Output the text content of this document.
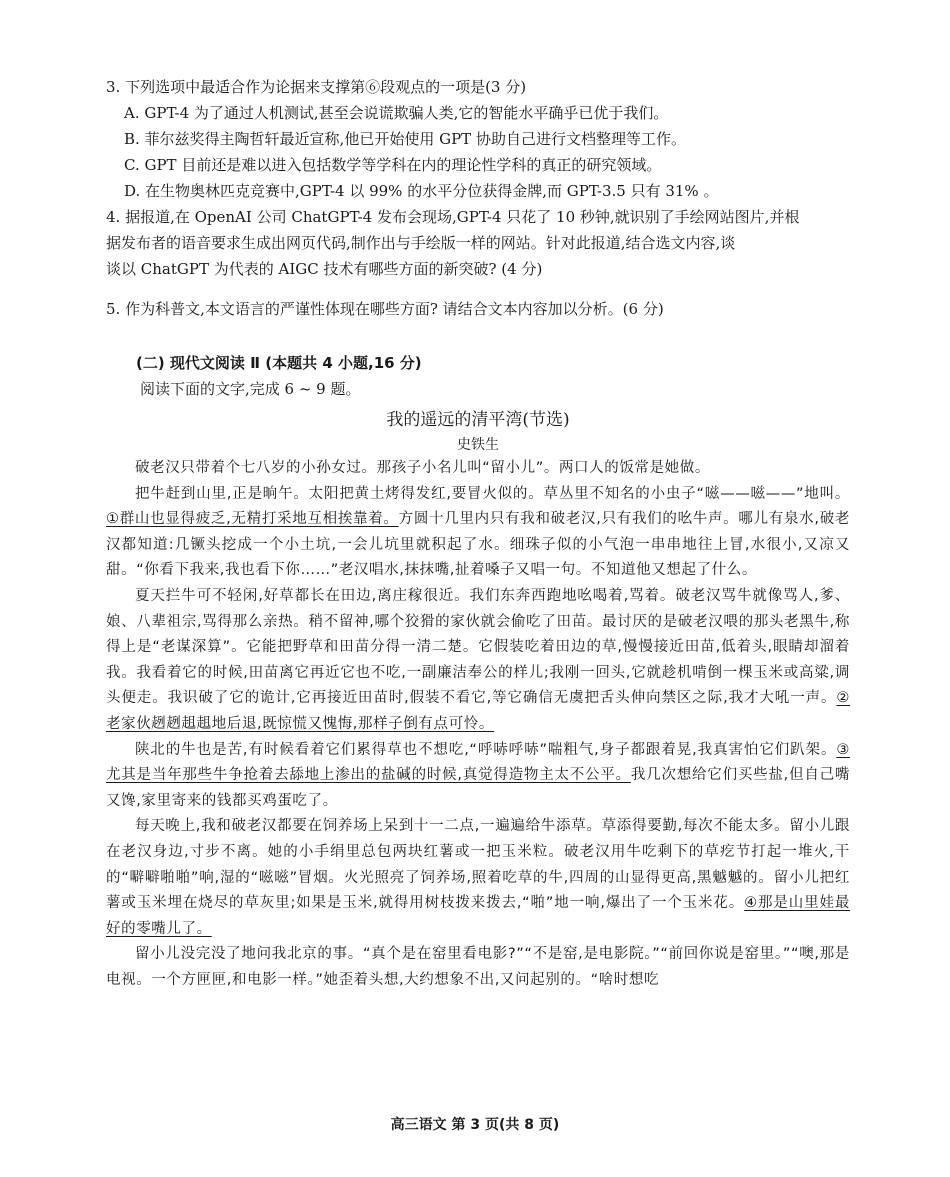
3. 下列选项中最适合作为论据来支撑第⑥段观点的一项是(3 分)
A. GPT-4 为了通过人机测试,甚至会说谎欺骗人类,它的智能水平确乎已优于我们。
B. 菲尔兹奖得主陶哲轩最近宣称,他已开始使用 GPT 协助自己进行文档整理等工作。
C. GPT 目前还是难以进入包括数学等学科在内的理论性学科的真正的研究领域。
D. 在生物奥林匹克竞赛中,GPT-4 以 99% 的水平分位获得金牌,而 GPT-3.5 只有 31% 。
4. 据报道,在 OpenAI 公司 ChatGPT-4 发布会现场,GPT-4 只花了 10 秒钟,就识别了手绘网站图片,并根
据发布者的语音要求生成出网页代码,制作出与手绘版一样的网站。针对此报道,结合选文内容,谈
谈以 ChatGPT 为代表的 AIGC 技术有哪些方面的新突破? (4 分)
5. 作为科普文,本文语言的严谨性体现在哪些方面? 请结合文本内容加以分析。(6 分)
(二) 现代文阅读 Ⅱ (本题共 4 小题,16 分)
阅读下面的文字,完成 6 ~ 9 题。
我的遥远的清平湾(节选)
史铁生

破老汉只带着个七八岁的小孙女过。那孩子小名儿叫“留小儿”。两口人的饭常是她做。

把牛赶到山里,正是晌午。太阳把黄土烤得发红,要冒火似的。草丛里不知名的小虫子“嗞——嗞——”地叫。①群山也显得疲乏,无精打采地互相挨靠着。方圆十几里内只有我和破老汉,只有我们的吆牛声。哪儿有泉水,破老汉都知道:几镢头挖成一个小土坑,一会儿坑里就积起了水。细珠子似的小气泡一串串地往上冒,水很小,又凉又甜。“你看下我来,我也看下你……”老汉唱水,抹抹嘴,扯着嗓子又唱一句。不知道他又想起了什么。

夏天拦牛可不轻闲,好草都长在田边,离庄稼很近。我们东奔西跑地吆喝着,骂着。破老汉骂牛就像骂人,爹、娘、八辈祖宗,骂得那么亲热。稍不留神,哪个狡猾的家伙就会偷吃了田苗。最讨厌的是破老汉喂的那头老黑牛,称得上是“老谋深算”。它能把野草和田苗分得一清二楚。它假装吃着田边的草,慢慢接近田苗,低着头,眼睛却溜着我。我看着它的时候,田苗离它再近它也不吃,一副廉洁奉公的样儿;我刚一回头,它就趁机啃倒一棵玉米或高粱,调头便走。我识破了它的诡计,它再接近田苗时,假装不看它,等它确信无虞把舌头伸向禁区之际,我才大吼一声。②老家伙趔趔趄趄地后退,既惊慌又愧悔,那样子倒有点可怜。

陕北的牛也是苦,有时候看着它们累得草也不想吃,“呼哧呼哧”喘粗气,身子都跟着晃,我真害怕它们趴架。③尤其是当年那些牛争抢着去舔地上渗出的盐碱的时候,真觉得造物主太不公平。我几次想给它们买些盐,但自己嘴又馋,家里寄来的钱都买鸡蛋吃了。

每天晚上,我和破老汉都要在饲养场上呆到十一二点,一遍遍给牛添草。草添得要勤,每次不能太多。留小儿跟在老汉身边,寸步不离。她的小手绢里总包两块红薯或一把玉米粒。破老汉用牛吃剩下的草疙节打起一堆火,干的“噼噼啪啪”响,湿的“嗞嗞”冒烟。火光照亮了饲养场,照着吃草的牛,四周的山显得更高,黑魆魆的。留小儿把红薯或玉米埋在烧尽的草灰里;如果是玉米,就得用树枝拨来拨去,“啪”地一响,爆出了一个玉米花。④那是山里娃最好的零嘴儿了。

留小儿没完没了地问我北京的事。“真个是在窑里看电影?”“不是窑,是电影院。”“前回你说是窑里。”“噢,那是电视。一个方匣匣,和电影一样。”她歪着头想,大约想象不出,又问起别的。“啥时想吃

高三语文 第 3 页(共 8 页)
